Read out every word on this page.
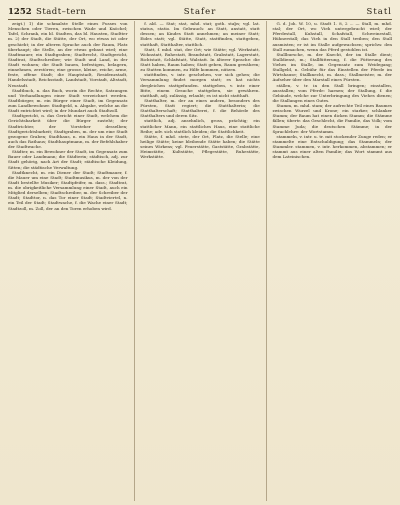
1252 Stadt–tern	Stafer	Statl

zeigt.) 1) die schmalste Stelle eines Fusses von Menschen oder Tieren, zwischen Wade und Knöchel; Tafel, Schrank, ein bl. Stadten, das bl. Hausten, Stadtter m. 2) der Stadt, die Stätte, der Ort, wo etwas ist oder geschieht; in der alteren Sprache auch der Raum, Platz überhaupt; die Stelle, an der etwas gebaut wird; eine Stadtmauer, ein Stadtgraben; Stadtrecht, Stadtgericht, Stadtrat, Stadtschreiber; wie Stadt und Land, in der Stadt wohnen; die Stadt bauen, befestigen, belagern, einnehmen, zerstören; eine grosse, kleine, reiche, arme, feste, offene Stadt; die Hauptstadt, Residenzstadt, Handelsstadt, Reichsstadt, Landstadt, Vorstadt, Altstadt, Neustadt.

Stadtbuch, n. das Buch, worin die Rechte, Satzungen und Verhandlungen einer Stadt verzeichnet werden. Stadtbürger, m. ein Bürger einer Stadt, im Gegensatz zum Landbewohner. Stadtgeld, n. Abgabe, welche an die Stadt entrichtet wird; in der Mundart auch Stadtzoll.

Stadtgericht, n. das Gericht einer Stadt, welchem die Gerichtsbarkeit über die Bürger zusteht; der Stadtrichter, der Vorsteher desselben; Stadtgerichtsbarkeit; Stadtgraben, m. der um eine Stadt gezogene Graben; Stadthaus, n. ein Haus in der Stadt, auch das Rathaus; Stadthauptmann, m. der Befehlshaber der Stadtwache.

Städter, m. ein Bewohner der Stadt, im Gegensatz zum Bauer oder Landmann; die Städterin; städtisch, adj. zur Stadt gehörig, nach Art der Stadt; städtische Kleidung, Sitten; die städtische Verwaltung.

Stadtknecht, m. ein Diener der Stadt; Stadtmauer, f. die Mauer um eine Stadt; Stadtmusikus, m. der von der Stadt bestellte Musiker; Stadtpfeifer, m. dass.; Stadtrat, m. die obrigkeitliche Versammlung einer Stadt, auch ein Mitglied derselben; Stadtschreiber, m. der Schreiber der Stadt; Stadttor, n. das Tor einer Stadt; Stadtviertel, n. ein Teil der Stadt; Stadtwache, f. die Wache einer Stadt; Stadtzoll, m. Zoll, der an den Toren erhoben wird.

f. ald. — Stat; stat, mhd. stat; goth. staþs; vgl. lat. status, statio. Im Gebrauch: an Statt, anstatt, statt dessen; an Kindes Statt annehmen; an meiner Statt; Eides statt; vgl. Stätte, Statt, stattfinden, stattgeben, statthaft, Statthalter, stattlich.

Statt, f. mhd. stat, der Ort; wie Stätte; vgl. Werkstatt, Wohnstatt, Ruhestatt, Brandstatt, Grabstatt, Lagerstatt, Richtstatt, Schlafstatt, Walstatt. In älterer Sprache: die Statt haben, Raum haben; Statt geben, Raum gewähren; zu Statten kommen, zu Hilfe kommen, nützen.

stattfinden, v. intr. geschehen, vor sich gehen; die Versammlung findet morgen statt; es hat nichts dergleichen stattgefunden. stattgeben, v. intr. einer Bitte, einem Gesuche stattgeben, sie gewähren. statthaft, adj. zulässig, erlaubt; es ist nicht statthaft.

Statthalter, m. der an eines andern, besonders des Fürsten, Statt regiert; die Statthalterin; die Statthalterschaft; Statthalterei, f. die Behörde des Statthalters und deren Sitz.

stattlich, adj. ansehnlich, gross, prächtig; ein stattlicher Mann, ein stattliches Haus, eine stattliche Reihe; adv. sich stattlich kleiden; die Stattlichkeit.

Stätte, f. mhd. stete, der Ort, Platz, die Stelle; eine heilige Stätte; keine bleibende Stätte haben; die Stätte seines Wirkens; vgl. Feuerstätte, Gaststätte, Grabstätte, Heimstätte, Kultstätte, Pflegestätte, Ruhestätte, Werkstätte.

G. d. Joh. W. 10, u. Stadt 1. 8, 2 ... — Stall, m. mhd. stal; der Ort, wo Vieh untergebracht wird; der Pferdestall, Kuhstall, Schafstall, Schweinestall, Hühnerstall; das Vieh in den Stall treiben; den Stall ausmisten; er ist im Stalle aufgewachsen; sprichw. den Stall zumachen, wenn das Pferd gestohlen ist.

Stallbursche, m. der Knecht, der im Stalle dient; Stalldienst, m.; Stallfütterung, f. die Fütterung des Viehes im Stalle, im Gegensatz zum Weidegang; Stallgeld, n. Gebühr für das Einstellen der Pferde im Wirtshause; Stallknecht, m. dass.; Stallmeister, m. der Aufseher über den Marstall eines Fürsten.

ställen, v. tr. in den Stall bringen; einstallen, ausstallen; vom Pferde: harnen; der Stallung, f. die Gebäude, welche zur Unterbringung des Viehes dienen; die Stallungen eines Gutes.

Stamm, m. mhd. stam; der aufrechte Teil eines Baumes zwischen Wurzel und Krone; ein starker, schlanker Stamm; der Baum hat einen dicken Stamm; die Stämme fällen; übertr. das Geschlecht, die Familie, das Volk; vom Stamme Juda; die deutschen Stämme; in der Sprachlehre: der Wortstamm.

stammeln, v. intr. u. tr. mit stockender Zunge reden; er stammelte eine Entschuldigung; das Stammeln; der Stammler. stammen, v. intr. herkommen, abstammen; er stammt aus einer alten Familie; das Wort stammt aus dem Lateinischen.
